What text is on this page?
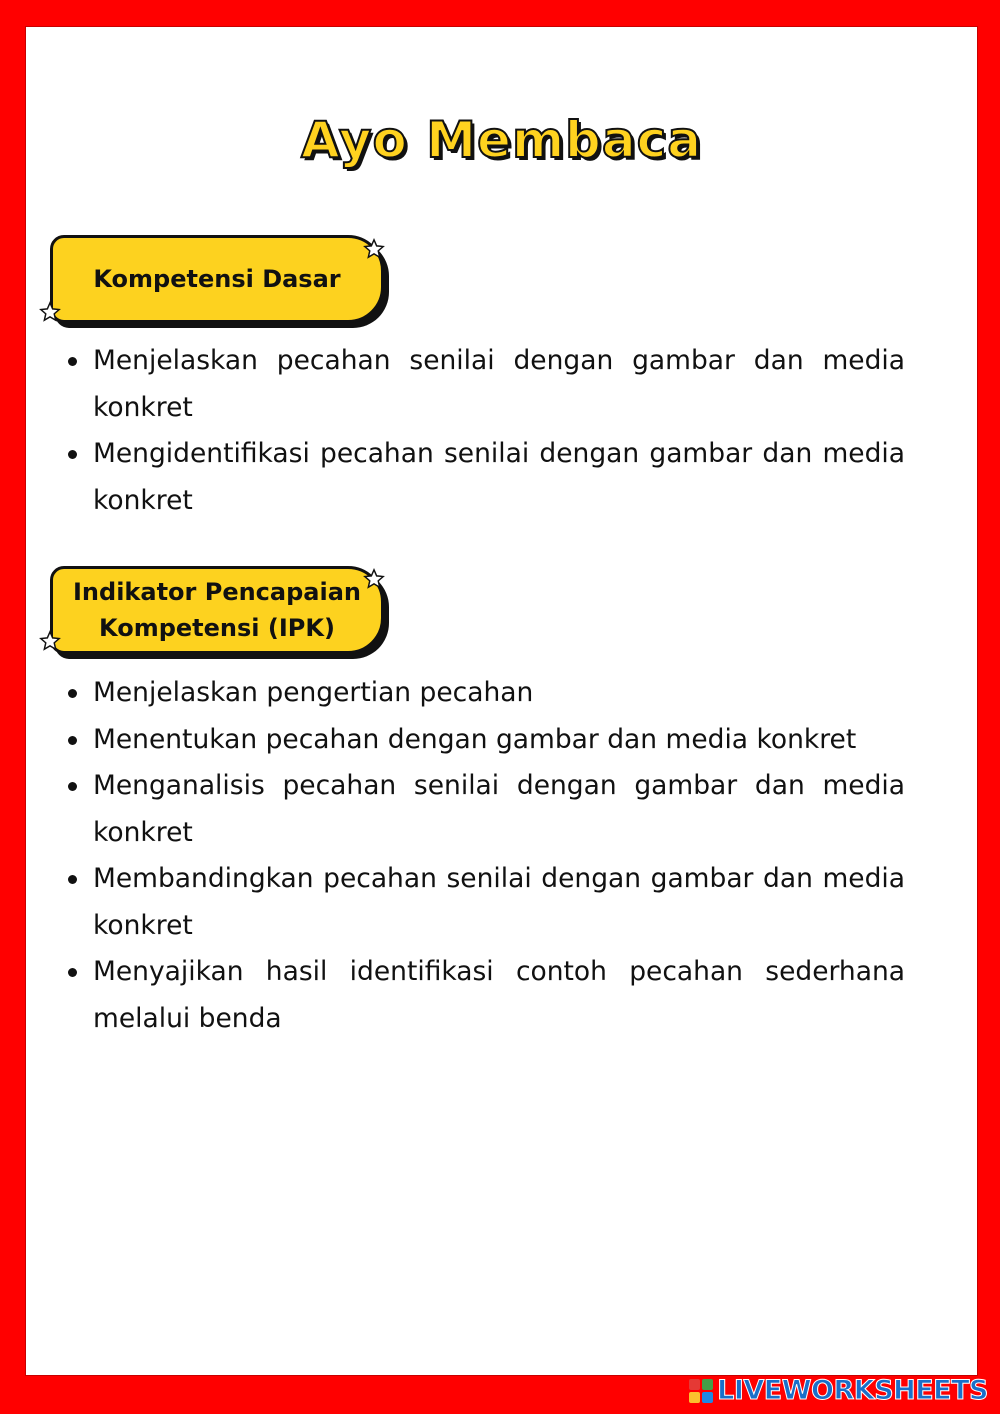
Ayo Membaca
Kompetensi Dasar
Menjelaskan pecahan senilai dengan gambar dan media konkret
Mengidentifikasi pecahan senilai dengan gambar dan media konkret
Indikator Pencapaian
Kompetensi (IPK)
Menjelaskan pengertian pecahan
Menentukan pecahan dengan gambar dan media konkret
Menganalisis pecahan senilai dengan gambar dan media konkret
Membandingkan pecahan senilai dengan gambar dan media konkret
Menyajikan hasil identifikasi contoh pecahan sederhana melalui benda
LIVEWORKSHEETS
